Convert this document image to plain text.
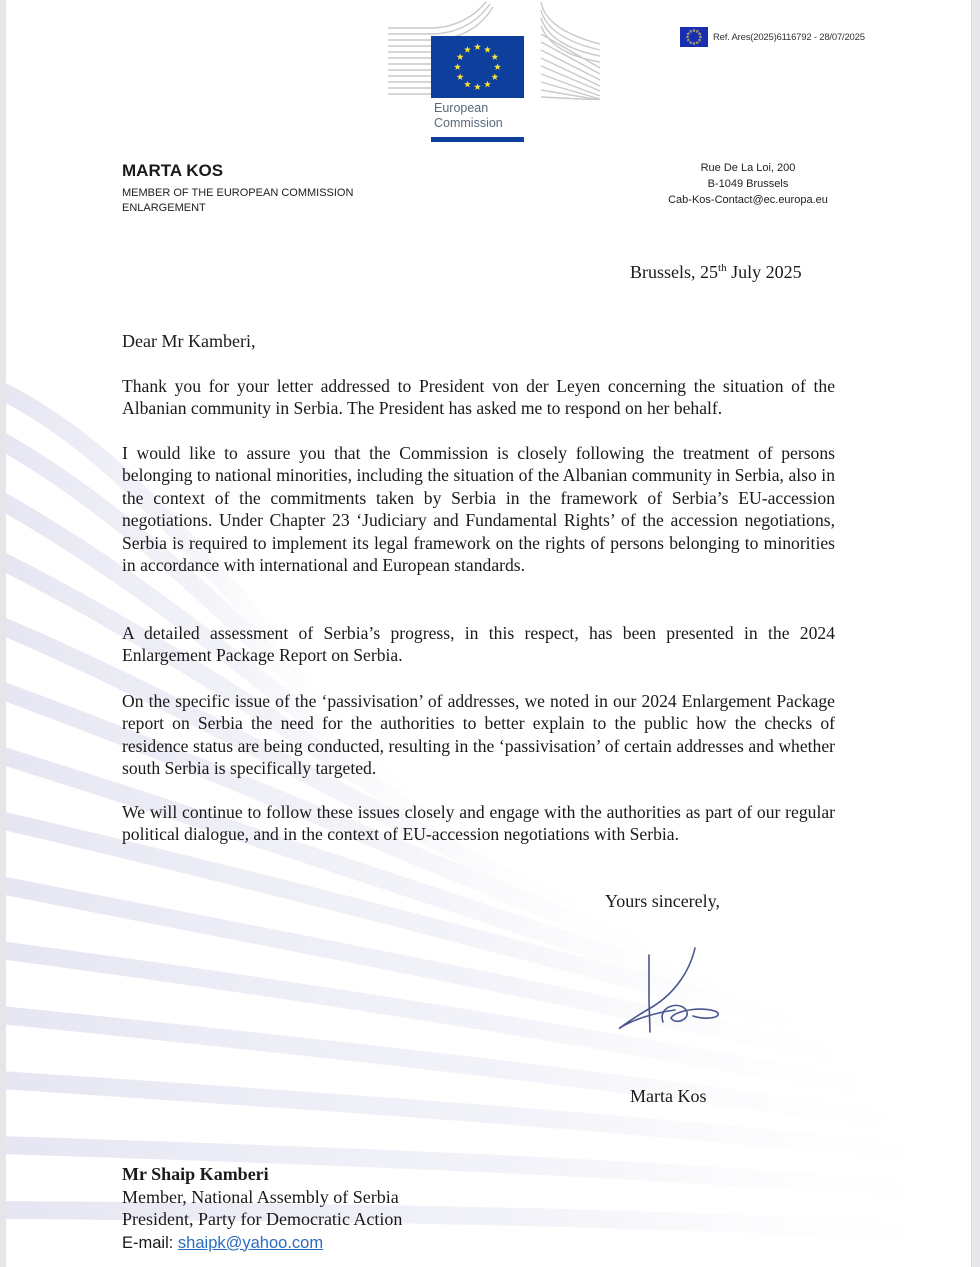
European
Commission
Ref. Ares(2025)6116792 - 28/07/2025
MARTA KOS
MEMBER OF THE EUROPEAN COMMISSION
ENLARGEMENT
Rue De La Loi, 200
B-1049 Brussels
Cab-Kos-Contact@ec.europa.eu
Brussels, 25th July 2025
Dear Mr Kamberi,
Thank you for your letter addressed to President von der Leyen concerning the situation of the Albanian community in Serbia. The President has asked me to respond on her behalf.
I would like to assure you that the Commission is closely following the treatment of persons belonging to national minorities, including the situation of the Albanian community in Serbia, also in the context of the commitments taken by Serbia in the framework of Serbia’s EU-accession negotiations. Under Chapter 23 ‘Judiciary and Fundamental Rights’ of the accession negotiations, Serbia is required to implement its legal framework on the rights of persons belonging to minorities in accordance with international and European standards.
A detailed assessment of Serbia’s progress, in this respect, has been presented in the 2024 Enlargement Package Report on Serbia.
On the specific issue of the ‘passivisation’ of addresses, we noted in our 2024 Enlargement Package report on Serbia the need for the authorities to better explain to the public how the checks of residence status are being conducted, resulting in the ‘passivisation’ of certain addresses and whether south Serbia is specifically targeted.
We will continue to follow these issues closely and engage with the authorities as part of our regular political dialogue, and in the context of EU-accession negotiations with Serbia.
Yours sincerely,
Marta Kos
Mr Shaip Kamberi
Member, National Assembly of Serbia
President, Party for Democratic Action
E-mail: shaipk@yahoo.com
